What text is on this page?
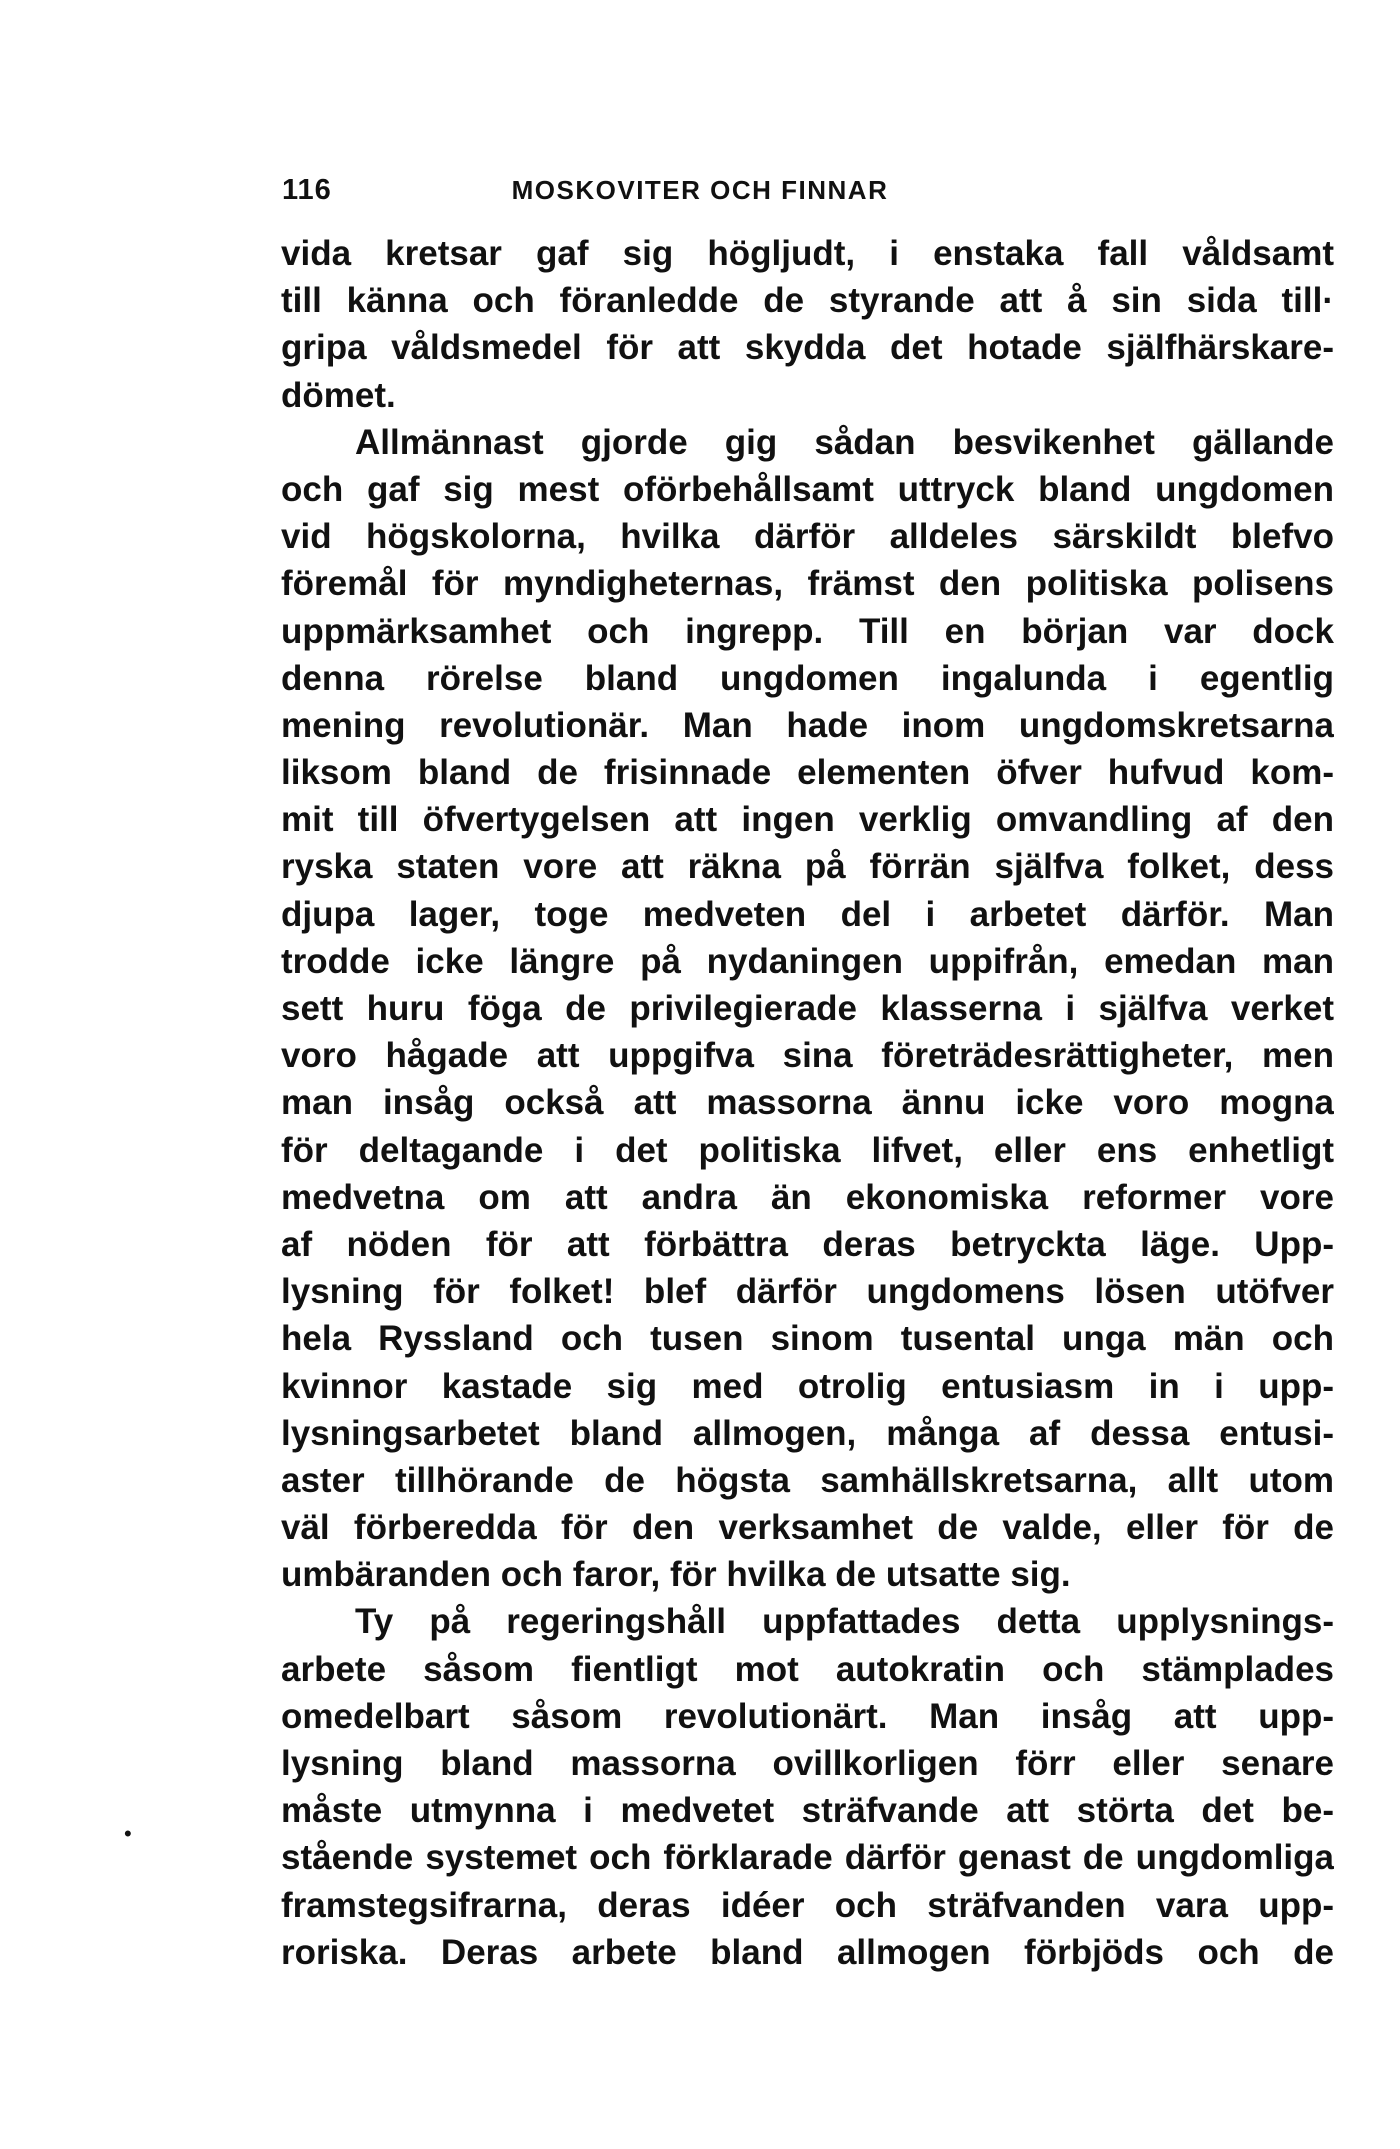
116	MOSKOVITER OCH FINNAR
vida kretsar gaf sig högljudt, i enstaka fall våldsamt
till känna och föranledde de styrande att å sin sida till·
gripa våldsmedel för att skydda det hotade själfhärskare-
dömet.
Allmännast gjorde gig sådan besvikenhet gällande
och gaf sig mest oförbehållsamt uttryck bland ungdomen
vid högskolorna, hvilka därför alldeles särskildt blefvo
föremål för myndigheternas, främst den politiska polisens
uppmärksamhet och ingrepp. Till en början var dock
denna rörelse bland ungdomen ingalunda i egentlig
mening revolutionär. Man hade inom ungdomskretsarna
liksom bland de frisinnade elementen öfver hufvud kom-
mit till öfvertygelsen att ingen verklig omvandling af den
ryska staten vore att räkna på förrän själfva folket, dess
djupa lager, toge medveten del i arbetet därför. Man
trodde icke längre på nydaningen uppifrån, emedan man
sett huru föga de privilegierade klasserna i själfva verket
voro hågade att uppgifva sina företrädesrättigheter, men
man insåg också att massorna ännu icke voro mogna
för deltagande i det politiska lifvet, eller ens enhetligt
medvetna om att andra än ekonomiska reformer vore
af nöden för att förbättra deras betryckta läge. Upp-
lysning för folket! blef därför ungdomens lösen utöfver
hela Ryssland och tusen sinom tusental unga män och
kvinnor kastade sig med otrolig entusiasm in i upp-
lysningsarbetet bland allmogen, många af dessa entusi-
aster tillhörande de högsta samhällskretsarna, allt utom
väl förberedda för den verksamhet de valde, eller för de
umbäranden och faror, för hvilka de utsatte sig.
Ty på regeringshåll uppfattades detta upplysnings-
arbete såsom fientligt mot autokratin och stämplades
omedelbart såsom revolutionärt. Man insåg att upp-
lysning bland massorna ovillkorligen förr eller senare
måste utmynna i medvetet sträfvande att störta det be-
stående systemet och förklarade därför genast de ungdomliga
framstegsifrarna, deras idéer och sträfvanden vara upp-
roriska. Deras arbete bland allmogen förbjöds och de
•
